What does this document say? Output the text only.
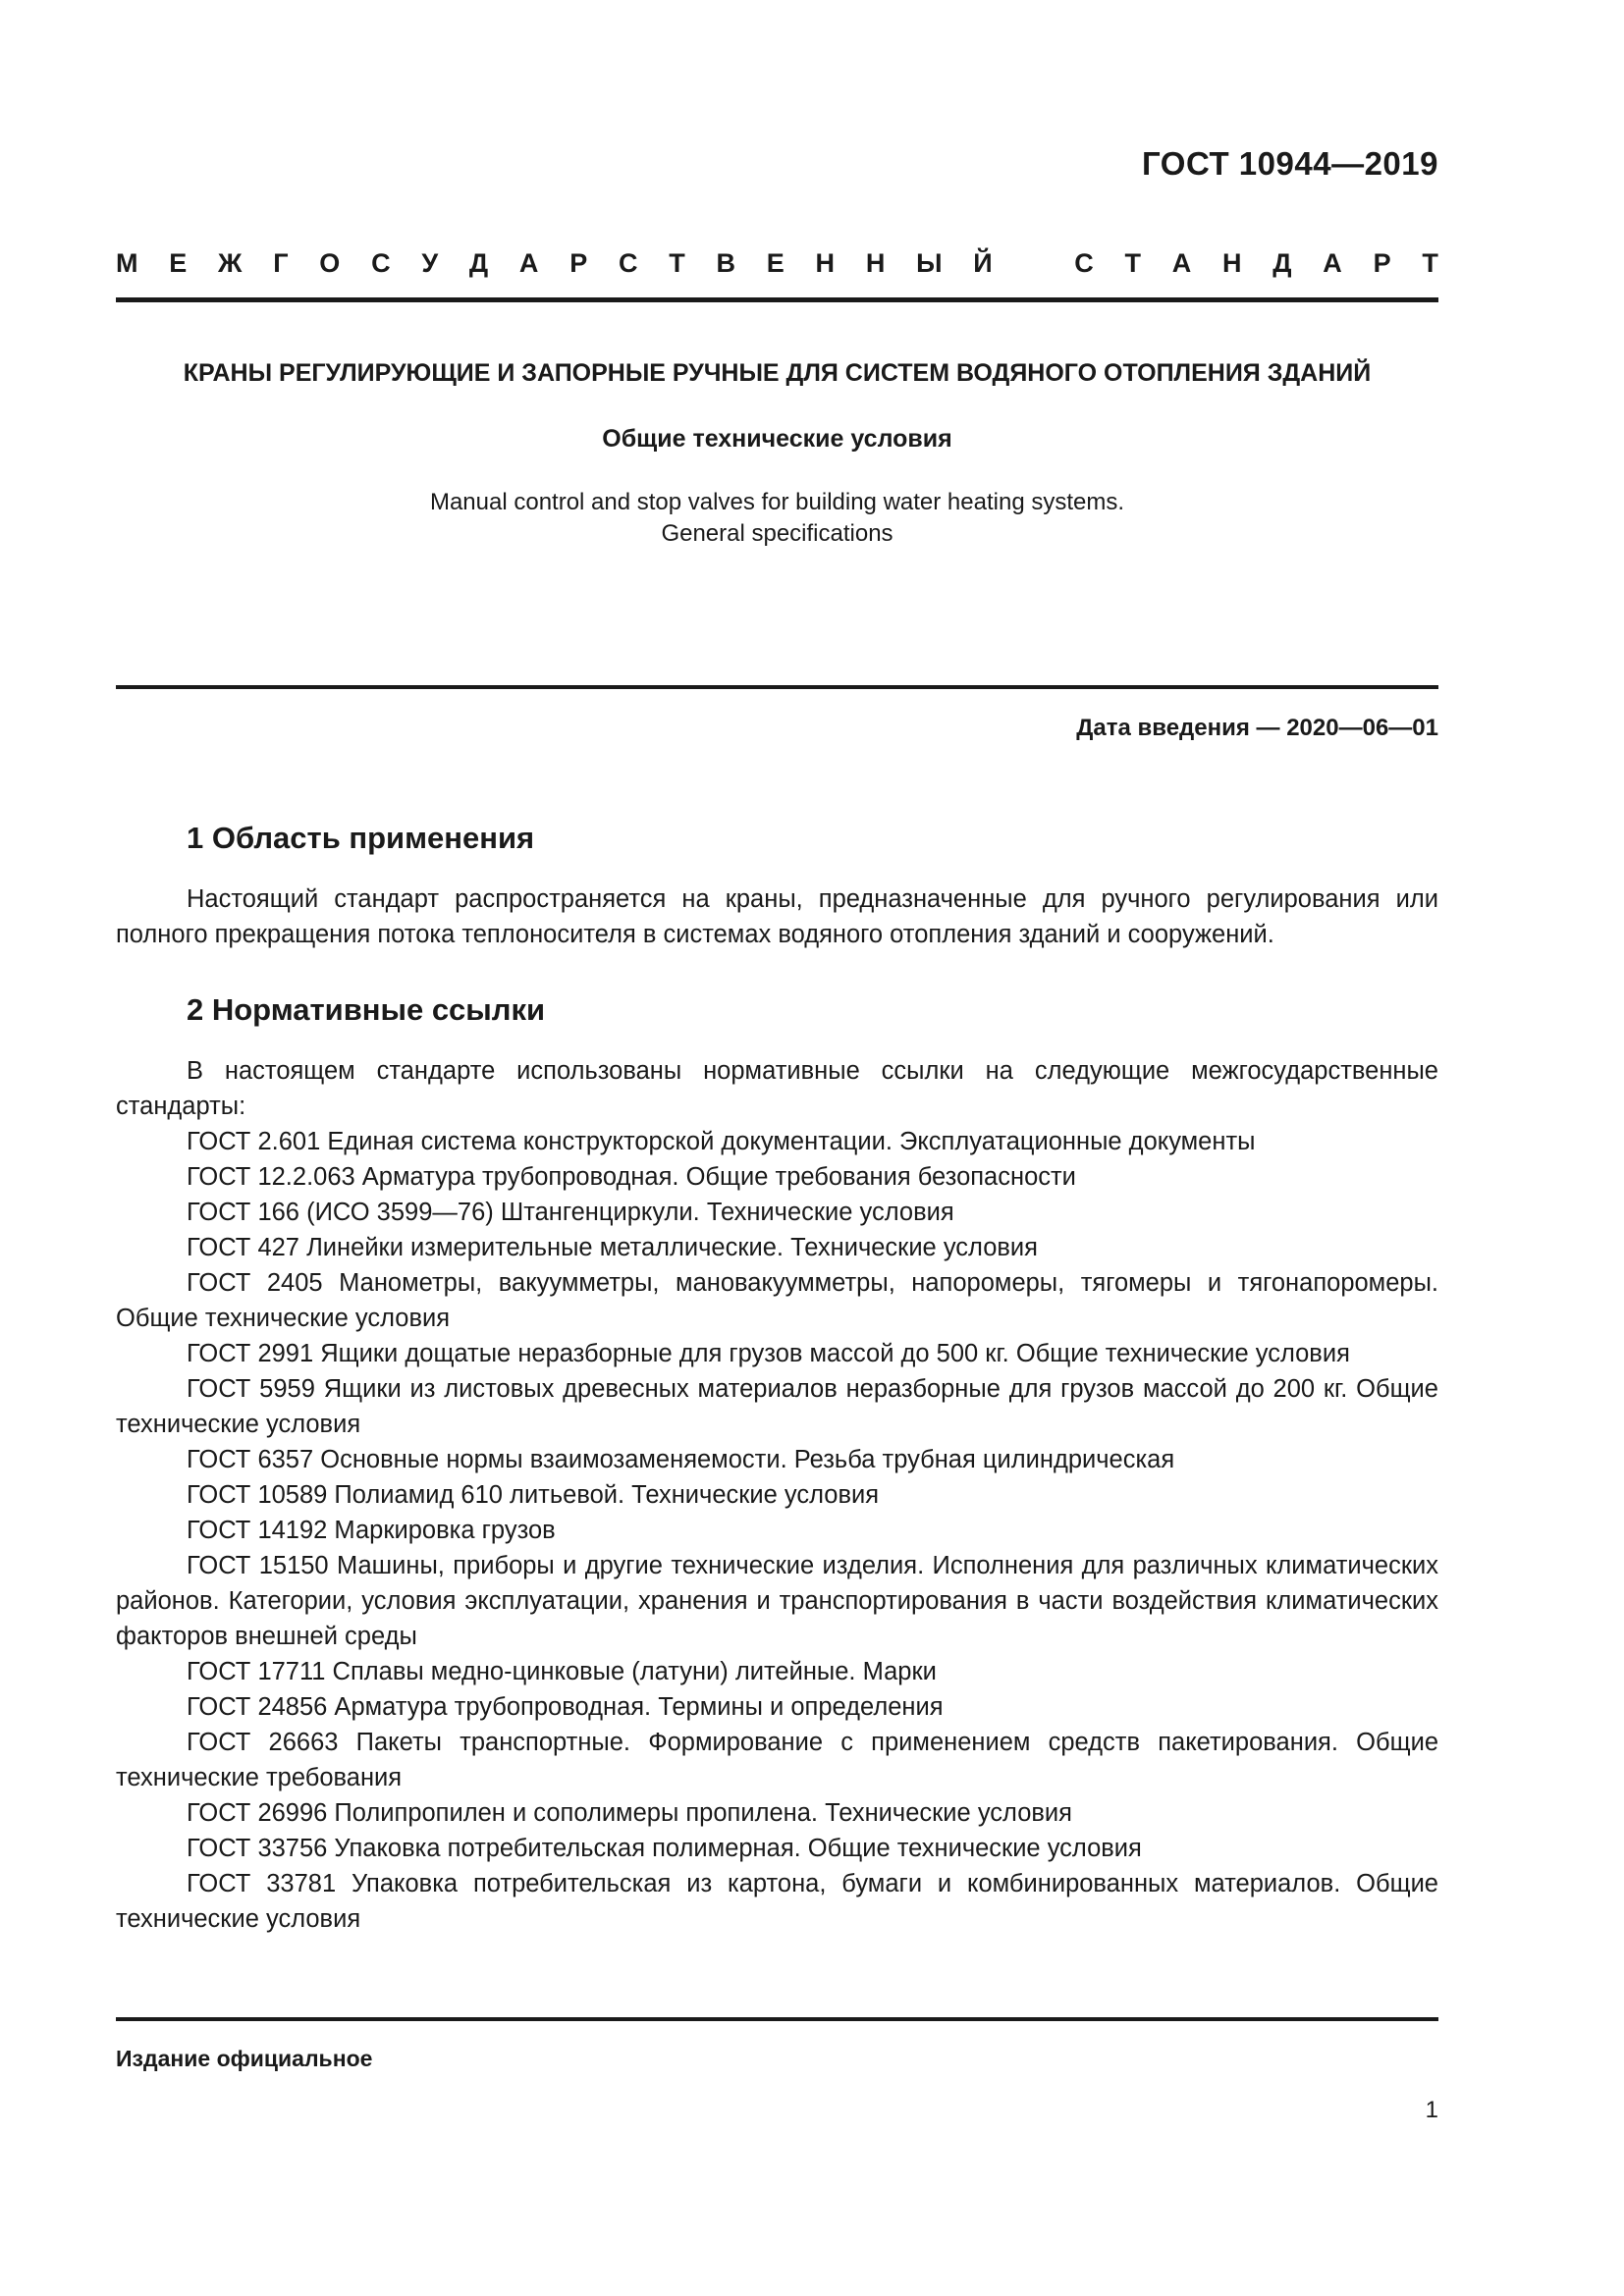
ГОСТ 10944—2019
М Е Ж Г О С У Д А Р С Т В Е Н Н Ы Й	С Т А Н Д А Р Т
КРАНЫ РЕГУЛИРУЮЩИЕ И ЗАПОРНЫЕ РУЧНЫЕ ДЛЯ СИСТЕМ ВОДЯНОГО ОТОПЛЕНИЯ ЗДАНИЙ
Общие технические условия
Manual control and stop valves for building water heating systems.
General specifications
Дата введения — 2020—06—01
1 Область применения
Настоящий стандарт распространяется на краны, предназначенные для ручного регулирования или полного прекращения потока теплоносителя в системах водяного отопления зданий и сооружений.
2 Нормативные ссылки

В настоящем стандарте использованы нормативные ссылки на следующие межгосударственные стандарты:

ГОСТ 2.601 Единая система конструкторской документации. Эксплуатационные документы

ГОСТ 12.2.063 Арматура трубопроводная. Общие требования безопасности

ГОСТ 166 (ИСО 3599—76) Штангенциркули. Технические условия

ГОСТ 427 Линейки измерительные металлические. Технические условия

ГОСТ 2405 Манометры, вакуумметры, мановакуумметры, напоромеры, тягомеры и тягонапоромеры. Общие технические условия

ГОСТ 2991 Ящики дощатые неразборные для грузов массой до 500 кг. Общие технические условия

ГОСТ 5959 Ящики из листовых древесных материалов неразборные для грузов массой до 200 кг. Общие технические условия

ГОСТ 6357 Основные нормы взаимозаменяемости. Резьба трубная цилиндрическая

ГОСТ 10589 Полиамид 610 литьевой. Технические условия

ГОСТ 14192 Маркировка грузов

ГОСТ 15150 Машины, приборы и другие технические изделия. Исполнения для различных климатических районов. Категории, условия эксплуатации, хранения и транспортирования в части воздействия климатических факторов внешней среды

ГОСТ 17711 Сплавы медно-цинковые (латуни) литейные. Марки

ГОСТ 24856 Арматура трубопроводная. Термины и определения

ГОСТ 26663 Пакеты транспортные. Формирование с применением средств пакетирования. Общие технические требования

ГОСТ 26996 Полипропилен и сополимеры пропилена. Технические условия

ГОСТ 33756 Упаковка потребительская полимерная. Общие технические условия

ГОСТ 33781 Упаковка потребительская из картона, бумаги и комбинированных материалов. Общие технические условия

Издание официальное
1
